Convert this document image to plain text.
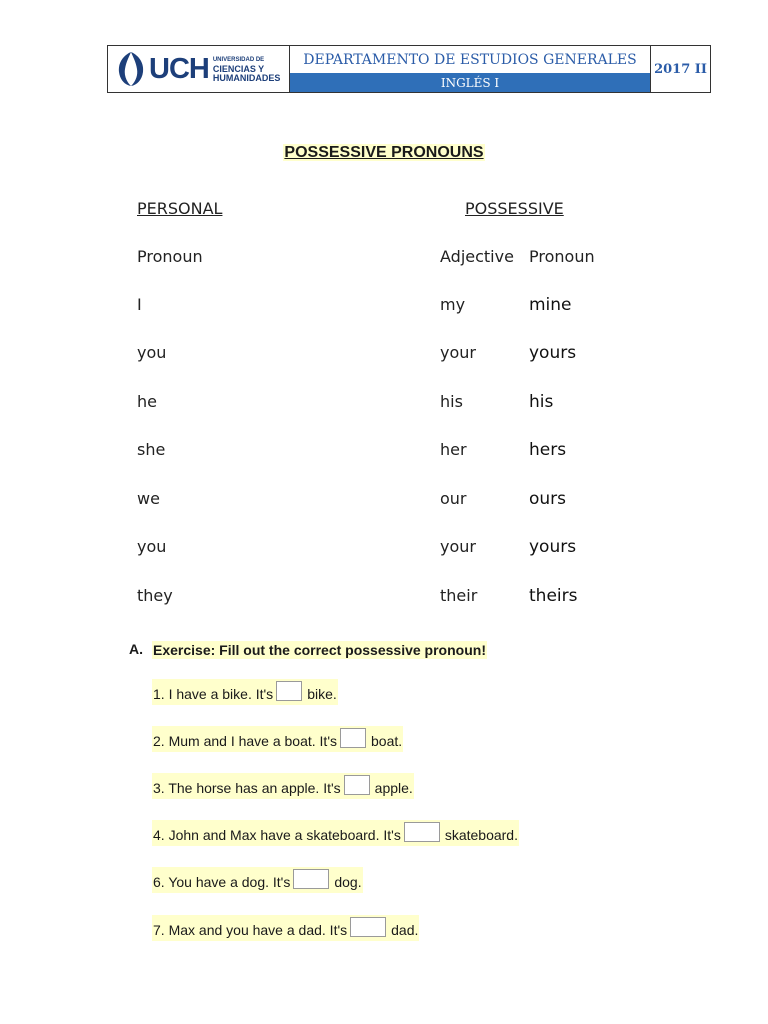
UCH UNIVERSIDAD DE
CIENCIAS Y
HUMANIDADES
DEPARTAMENTO DE ESTUDIOS GENERALES
INGLÉS I
2017 II
POSSESSIVE PRONOUNS
PERSONAL	POSSESSIVE
Pronoun	Adjective Pronoun
I	my	mine
you	your	yours
he	his	his
she	her	hers
we	our	ours
you	your	yours
they	their	theirs
A. Exercise: Fill out the correct possessive pronoun!
1. I have a bike. It's bike.
2. Mum and I have a boat. It's boat.
3. The horse has an apple. It's apple.
4. John and Max have a skateboard. It's	skateboard.
6. You have a dog. It's	dog.
7. Max and you have a dad. It's	dad.
